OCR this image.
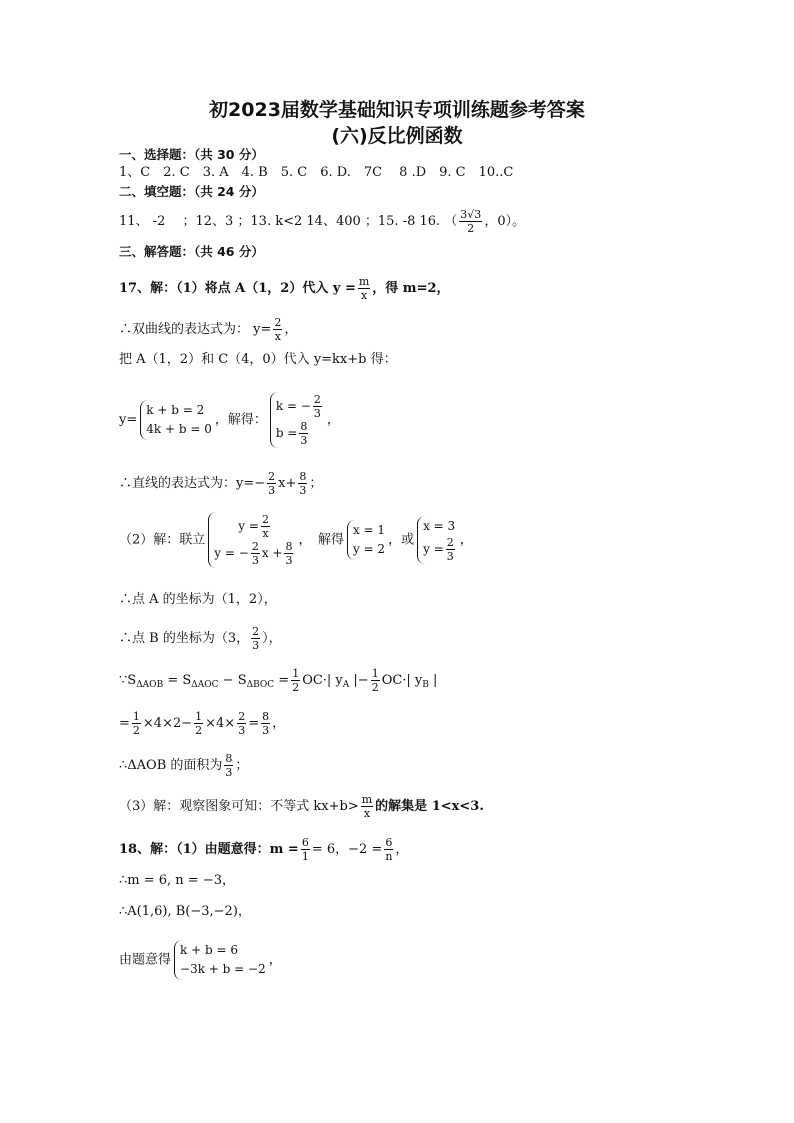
初2023届数学基础知识专项训练题参考答案
(六)反比例函数
一、选择题：（共 30 分）
1、C　2. C　3. A　4. B　5. C　6. D.　7C　 8 .D　9. C　10..C
二、填空题：（共 24 分）
11、 -2　 ；12、3 ；13. k<2 14、400 ；15. -8 16. （ $\frac{3√3}{2}$ ，0）。
三、解答题：（共 46 分）
17、解：（1）将点 A（1，2）代入 $y = \frac{m}{x}$ ，得 m=2，
∴双曲线的表达式为： $y= \frac{2}{x}$ ，
把 A（1，2）和 C（4，0）代入 y=kx+b 得：
y=
k + b = 2
4k + b = 0
，解得：
k = − $\frac{2}{3}$
$b = \frac{8}{3}$ ，
∴直线的表达式为：$y=- \frac{2}{3} x+ \frac{8}{3}$ ；
（2）解：联立
$y = \frac{2}{x}$
y = − $\frac{2}{3}$ $x + \frac{8}{3}$ ，　解得
x = 1
y = 2
，或
x = 3
$y = \frac{2}{3}$ ，
∴点 A 的坐标为（1，2），
∴点 B 的坐标为（3， $\frac{2}{3}$ ），
$\because S_{\Delta AOB} = S_{\Delta AOC} - S_{\Delta BOC} = \frac{1}{2} OC\cdot|$ $y_A$ |− $\frac{1}{2} OC\cdot|$ $y_B$ |
= $\frac{1}{2} \times 4\times 2- \frac{1}{2} \times 4\times \frac{2}{3} = \frac{8}{3}$ ，
∴ΔAOB 的面积为 $\frac{8}{3}$ ；
（3）解：观察图象可知：不等式 $kx+b> \frac{m}{x}$ 的解集是 1<x<3.
18、解：（1）由题意得：$m = \frac{6}{1} = 6$，$-2 = \frac{6}{n}$ ，
∴m = 6, n = −3，
∴A(1,6), B(−3,−2)，
由题意得
k + b = 6
−3k + b = −2
，
